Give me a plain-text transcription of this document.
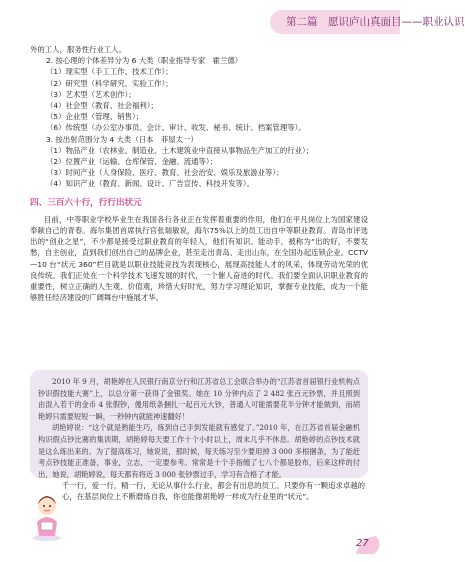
第二篇　愿识庐山真面目——职业认识
外的工人，服务性行业工人。
2. 按心理的个体差异分为 6 大类（职业指导专家　霍兰德）
（1）现实型（手工工作、技术工作）；
（2）研究型（科学研究、实验工作）；
（3）艺术型（艺术创作）；
（4）社会型（教育、社会福利）；
（5）企业型（管理、销售）；
（6）传统型（办公室办事员、会计、审计、收发、秘书、统计、档案管理等）。
3. 按出射范围分为 4 大类（日本　菲屋太一）
（1）物品产业（农林业、制造业、土木建筑业中直接从事物品生产加工的行业）；
（2）位置产业（运输、仓库保管、金融、流通等）；
（3）时间产业（人身保险、医疗、教育、社会治安、娱乐及旅游业等）；
（4）知识产业（教育、新闻、设计、广告宣传、科技开发等）。
四、三百六十行，行行出状元

目前，中等职业学校毕业生在我国各行各业正在发挥着重要的作用，他们在平凡岗位上为国家建设奉献自己的青春。海尔集团首席执行官张瑞敏说，海尔75%以上的员工出自中等职业教育。青岛市评选出的“创业之星”，不少都是接受过职业教育的年轻人，他们有知识、能动手，被称为“出的好，不要发愁，自主创业，直到我们创出自己的品牌企业，甚至走出青岛、走出山东，在全国办起连锁企业。CCTV—10 台“状元 360”栏目就是以职业技能竞技为表现核心，展现高技能人才的风采，体现劳动光荣的优良传统。我们正处在一个科学技术飞速发展的时代，一个催人奋进的时代。我们要全面认识职业教育的重要性，树立正确的人生观、价值观，珍惜大好时光，努力学习理论知识，掌握专业技能，成为一个能够胜任经济建设的广阔舞台中施展才华。

2010 年 9 月，胡艳婷在人民银行南京分行和江苏省总工会联合举办的“江苏省首届银行业机构点钞识假技能大赛”上，以总分第一获得了金银奖。她在 10 分钟内点了 2 482 张百元钞票，并且照到由混入若干的金币 4 张假钞，傻用纸条捆扎一起百元大钞，普通人可能需要花半分钟才能做到，而胡艳婷只需要短短一瞬，一秒钟内就能神速翻好！

胡艳婷说：“这个就是熟能生巧，练到自己手到发能就有感觉了。”2010 年，在江苏省首届金融机构识假点钞比赛的集训期，胡艳婷每天要工作十个小时以上，周末几乎不休息。胡艳婷的点钞技术就是这么练出来的。为了提高练习，她说说，那时候，每天练习至少要用掉 3 000 多根捆条，为了能赶考点钞技能正准备，事业，立志，一定要参考。常常是十个手指缠了七八个都是胶布，后来这样的付出，她说，胡艳婷说，每天都有将近 3 000 张钞票过手，学习有合格了才能。

千一行，爱一行，精一行，无论从事什么行业，都会有出息的员工。只要你有一颗追求卓越的心，在基层岗位上不断磨炼自我，你也能像胡艳婷一样成为行业里的“状元”。
27
